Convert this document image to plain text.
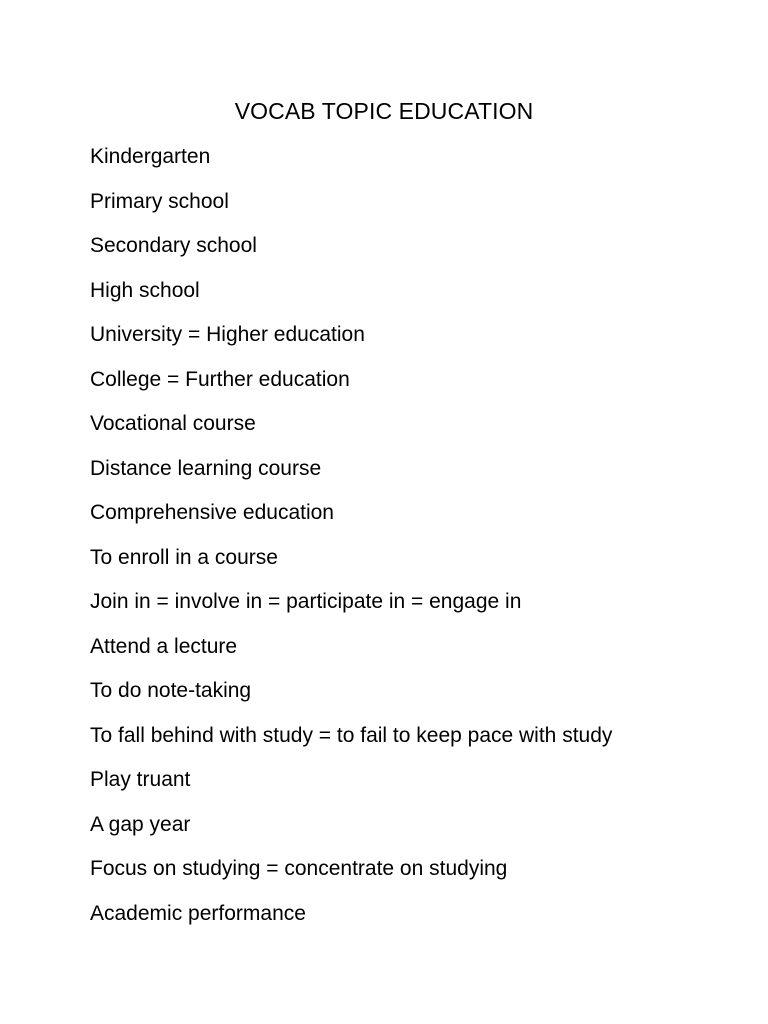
VOCAB TOPIC EDUCATION
Kindergarten
Primary school
Secondary school
High school
University = Higher education
College = Further education
Vocational course
Distance learning course
Comprehensive education
To enroll in a course
Join in = involve in = participate in = engage in
Attend a lecture
To do note-taking
To fall behind with study = to fail to keep pace with study
Play truant
A gap year
Focus on studying = concentrate on studying
Academic performance
